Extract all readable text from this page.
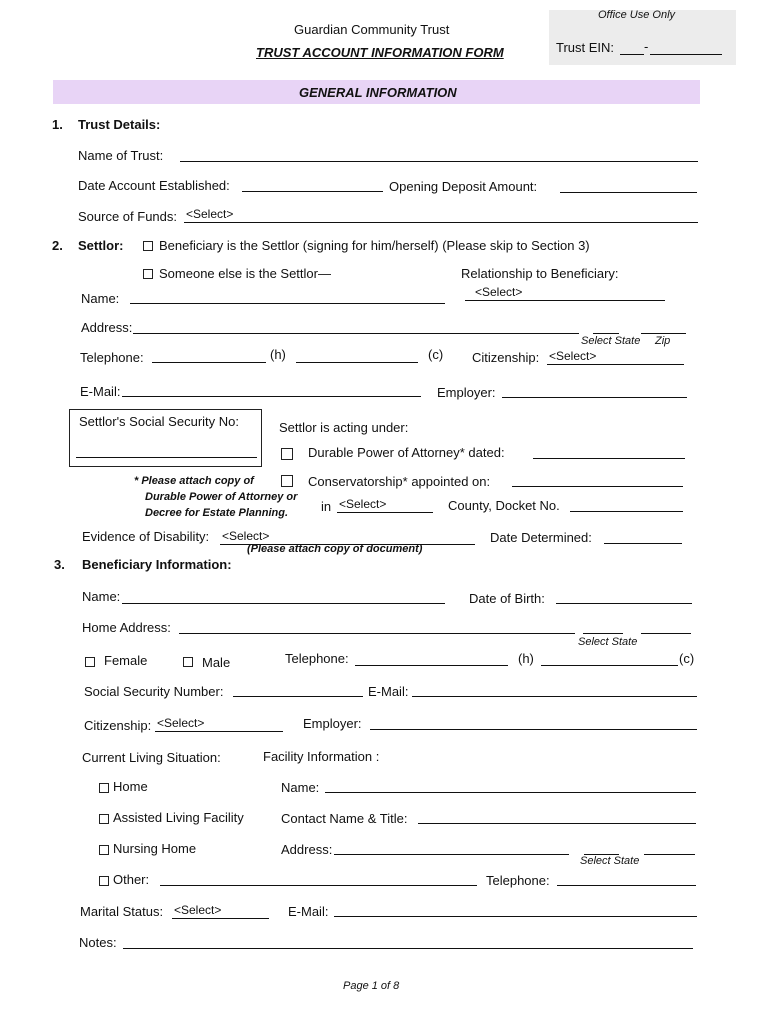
Guardian Community Trust
TRUST ACCOUNT INFORMATION FORM
Office Use Only
Trust EIN: -
GENERAL INFORMATION
1. Trust Details:
Name of Trust:
Date Account Established:	Opening Deposit Amount:
Source of Funds: <Select>
2. Settlor:	Beneficiary is the Settlor (signing for him/herself) (Please skip to Section 3)
Someone else is the Settlor—	Relationship to Beneficiary:
<Select>
Name:
Address:
Select State Zip
Telephone:	(h)	(c) Citizenship: <Select>
E-Mail:	Employer:
Settlor's Social Security No:	Settlor is acting under:
Durable Power of Attorney* dated:
* Please attach copy of
Durable Power of Attorney or
Decree for Estate Planning.
Conservatorship* appointed on:
in <Select>	County, Docket No.
Evidence of Disability: <Select>
(Please attach copy of document)
Date Determined:
3. Beneficiary Information:
Name:	Date of Birth:
Home Address:
Select State
Female	Male	Telephone:	(h)	(c)
Social Security Number:	E-Mail:
Citizenship: <Select>	Employer:
Current Living Situation:	Facility Information :
Home	Name:
Assisted Living Facility	Contact Name & Title:
Nursing Home	Address:
Select State
Other:	Telephone:
Marital Status: <Select>	E-Mail:
Notes:
Page 1 of 8
